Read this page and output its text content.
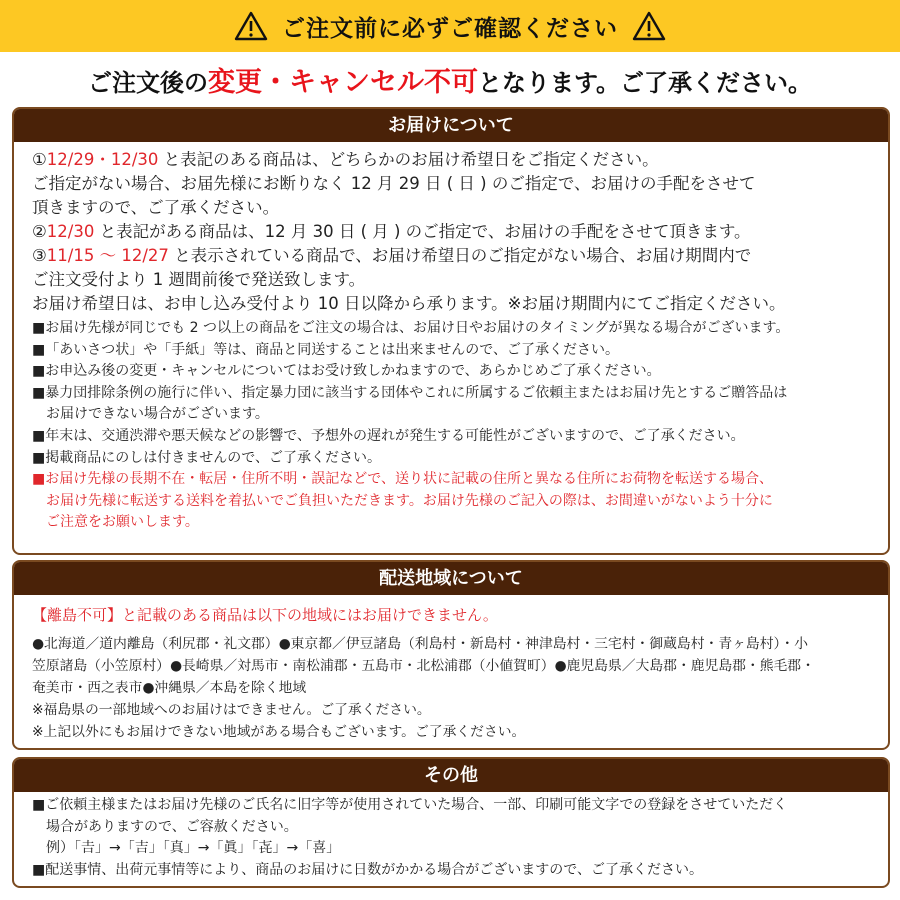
ご注文前に必ずご確認ください
ご注文後の変更・キャンセル不可となります。ご了承ください。
お届けについて

①12/29・12/30 と表記のある商品は、どちらかのお届け希望日をご指定ください。

ご指定がない場合、お届先様にお断りなく 12 月 29 日 ( 日 ) のご指定で、お届けの手配をさせて

頂きますので、ご了承ください。

②12/30 と表記がある商品は、12 月 30 日 ( 月 ) のご指定で、お届けの手配をさせて頂きます。

③11/15 ～ 12/27 と表示されている商品で、お届け希望日のご指定がない場合、お届け期間内で

ご注文受付より 1 週間前後で発送致します。

お届け希望日は、お申し込み受付より 10 日以降から承ります。※お届け期間内にてご指定ください。

■お届け先様が同じでも 2 つ以上の商品をご注文の場合は、お届け日やお届けのタイミングが異なる場合がございます。

■「あいさつ状」や「手紙」等は、商品と同送することは出来ませんので、ご了承ください。

■お申込み後の変更・キャンセルについてはお受け致しかねますので、あらかじめご了承ください。

■暴力団排除条例の施行に伴い、指定暴力団に該当する団体やこれに所属するご依頼主またはお届け先とするご贈答品は

お届けできない場合がございます。

■年末は、交通渋滞や悪天候などの影響で、予想外の遅れが発生する可能性がございますので、ご了承ください。

■掲載商品にのしは付きませんので、ご了承ください。

■お届け先様の長期不在・転居・住所不明・誤記などで、送り状に記載の住所と異なる住所にお荷物を転送する場合、

お届け先様に転送する送料を着払いでご負担いただきます。お届け先様のご記入の際は、お間違いがないよう十分に

ご注意をお願いします。

配送地域について

【離島不可】と記載のある商品は以下の地域にはお届けできません。

●北海道／道内離島（利尻郡・礼文郡）●東京都／伊豆諸島（利島村・新島村・神津島村・三宅村・御蔵島村・青ヶ島村）・小

笠原諸島（小笠原村）●長崎県／対馬市・南松浦郡・五島市・北松浦郡（小値賀町）●鹿児島県／大島郡・鹿児島郡・熊毛郡・

奄美市・西之表市●沖縄県／本島を除く地域

※福島県の一部地域へのお届けはできません。ご了承ください。

※上記以外にもお届けできない地域がある場合もございます。ご了承ください。

その他

■ご依頼主様またはお届け先様のご氏名に旧字等が使用されていた場合、一部、印刷可能文字での登録をさせていただく

場合がありますので、ご容赦ください。

例）「𠮷」→「吉」「真」→「眞」「㐂」→「喜」

■配送事情、出荷元事情等により、商品のお届けに日数がかかる場合がございますので、ご了承ください。
